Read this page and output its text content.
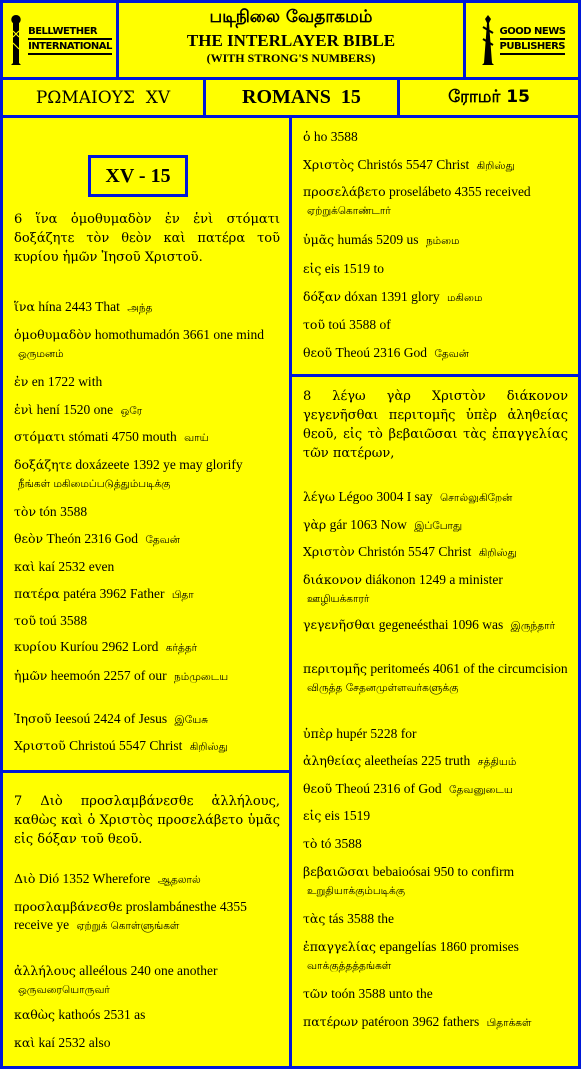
BELLWETHER
INTERNATIONAL
படிநிலை வேதாகமம்
THE INTERLAYER BIBLE
(WITH STRONG'S NUMBERS)
GOOD NEWS
PUBLISHERS
ΡΩΜΑΙΟΥΣ  XV	ROMANS  15	ரோமர் 15
XV - 15
6 ἵνα ὁμοθυμαδὸν ἐν ἑνὶ στόματι δοξάζητε τὸν θεὸν καὶ πατέρα τοῦ κυρίου ἡμῶν Ἰησοῦ Χριστοῦ.
ἵνα hína 2443 That அந்த
ὁμοθυμαδὸν homothumadón 3661 one mind ஒருமனம்
ἐν en 1722 with
ἑνὶ hení 1520 one ஒரே
στόματι stómati 4750 mouth வாய்
δοξάζητε doxázeete 1392 ye may glorify நீங்கள் மகிமைப்படுத்தும்படிக்கு
τὸν tón 3588
θεὸν Theón 2316 God தேவன்
καὶ kaí 2532 even
πατέρα patéra 3962 Father பிதா
τοῦ toú 3588
κυρίου Kuríou 2962 Lord கர்த்தர்
ἡμῶν heemoón 2257 of our நம்முடைய
Ἰησοῦ Ieesoú 2424 of Jesus இயேசு
Χριστοῦ Christoú 5547 Christ கிறிஸ்து
7 Διὸ προσλαμβάνεσθε ἀλλήλους, καθὼς καὶ ὁ Χριστὸς προσελάβετο ὑμᾶς εἰς δόξαν τοῦ θεοῦ.
Διὸ Dió 1352 Wherefore ஆதலால்
προσλαμβάνεσθε proslambánesthe 4355 receive ye ஏற்றுக் கொள்ளுங்கள்
ἀλλήλους alleélous 240 one another ஒருவரையொருவர்
καθὼς kathoós 2531 as
καὶ kaí 2532 also
ὁ ho 3588
Χριστὸς Christós 5547 Christ கிறிஸ்து
προσελάβετο proselábeto 4355 received ஏற்றுக்கொண்டார்
ὑμᾶς humás 5209 us நம்மை
εἰς eis 1519 to
δόξαν dóxan 1391 glory மகிமை
τοῦ toú 3588 of
θεοῦ Theoú 2316 God தேவன்
8 λέγω γὰρ Χριστὸν διάκονον γεγενῆσθαι περιτομῆς ὑπὲρ ἀληθείας θεοῦ, εἰς τὸ βεβαιῶσαι τὰς ἐπαγγελίας τῶν πατέρων,
λέγω Légoo 3004 I say சொல்லுகிறேன்
γὰρ gár 1063 Now இப்போது
Χριστὸν Christón 5547 Christ கிறிஸ்து
διάκονον diákonon 1249 a minister ஊழியக்காரர்
γεγενῆσθαι gegeneésthai 1096 was இருந்தார்
περιτομῆς peritomeés 4061 of the circumcision விருத்த சேதனமுள்ளவர்களுக்கு
ὑπὲρ hupér 5228 for
ἀληθείας aleetheías 225 truth சத்தியம்
θεοῦ Theoú 2316 of God தேவனுடைய
εἰς eis 1519
τὸ tó 3588
βεβαιῶσαι bebaioósai 950 to confirm உறுதியாக்கும்படிக்கு
τὰς tás 3588 the
ἐπαγγελίας epangelías 1860 promises வாக்குத்தத்தங்கள்
τῶν toón 3588 unto the
πατέρων patéroon 3962 fathers பிதாக்கள்
